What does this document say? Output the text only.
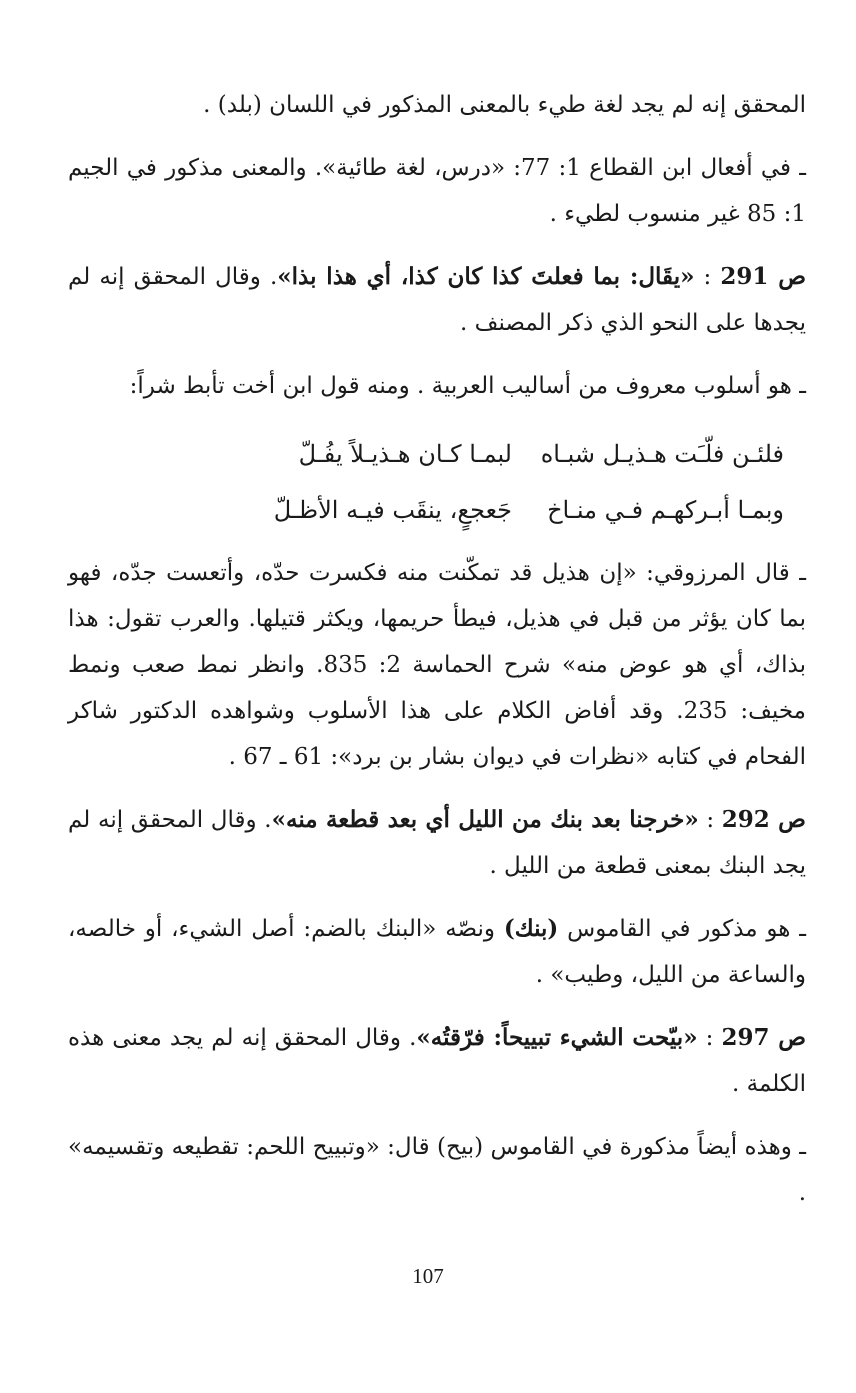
المحقق إنه لم يجد لغة طيء بالمعنى المذكور في اللسان (بلد) .

ـ في أفعال ابن القطاع 1: 77: «درس، لغة طائية». والمعنى مذكور في الجيم 1: 85 غير منسوب لطيء .

ص 291 : «يقَال: بما فعلتَ كذا كان كذا، أي هذا بذا». وقال المحقق إنه لم يجدها على النحو الذي ذكر المصنف .

ـ هو أسلوب معروف من أساليب العربية . ومنه قول ابن أخت تأبط شراً:

فلئـن فلّـَت هـذيـل شبـاه
لبمـا كـان هـذيـلاً يفُـلّ
وبمـا أبـركهـم فـي منـاخ
جَعجعٍ، ينقَب فيـه الأظـلّ

ـ قال المرزوقي: «إن هذيل قد تمكّنت منه فكسرت حدّه، وأتعست جدّه، فهو بما كان يؤثر من قبل في هذيل، فيطأ حريمها، ويكثر قتيلها. والعرب تقول: هذا بذاك، أي هو عوض منه» شرح الحماسة 2: 835. وانظر نمط صعب ونمط مخيف: 235. وقد أفاض الكلام على هذا الأسلوب وشواهده الدكتور شاكر الفحام في كتابه «نظرات في ديوان بشار بن برد»: 61 ـ 67 .

ص 292 : «خرجنا بعد بنك من الليل أي بعد قطعة منه». وقال المحقق إنه لم يجد البنك بمعنى قطعة من الليل .

ـ هو مذكور في القاموس (بنك) ونصّه «البنك بالضم: أصل الشيء، أو خالصه، والساعة من الليل، وطيب» .

ص 297 : «بيّحت الشيء تبييحاً: فرّقتُه». وقال المحقق إنه لم يجد معنى هذه الكلمة .

ـ وهذه أيضاً مذكورة في القاموس (بيح) قال: «وتبييح اللحم: تقطيعه وتقسيمه» .

107
